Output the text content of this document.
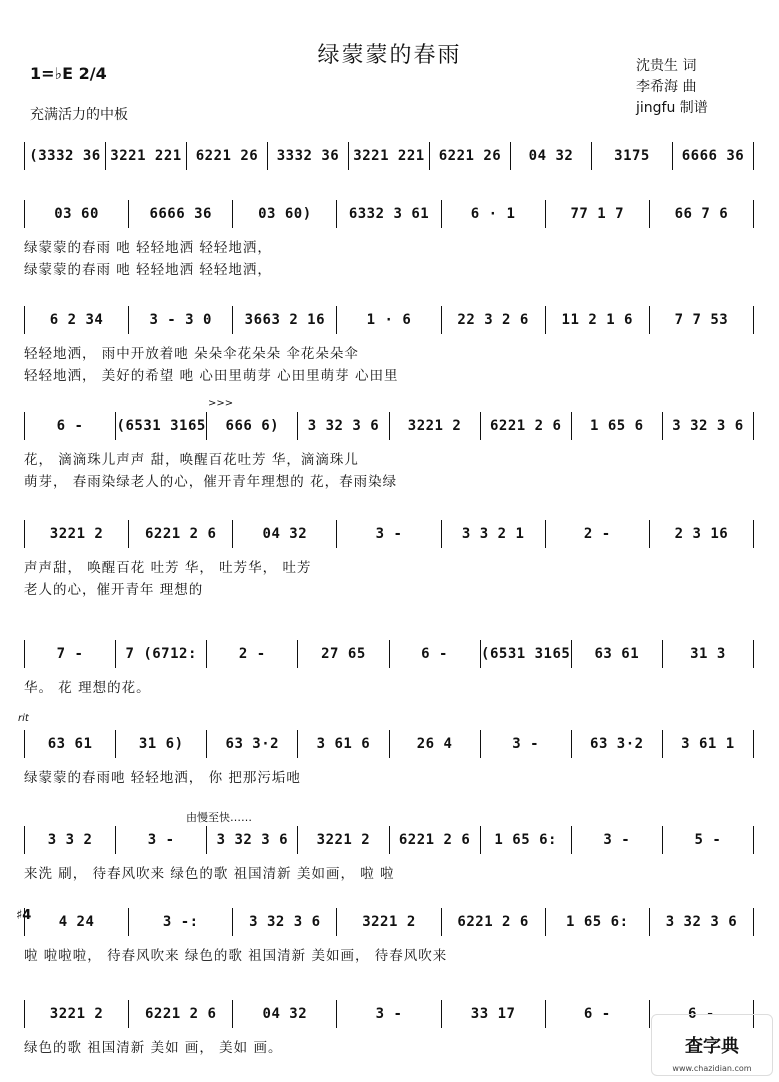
绿蒙蒙的春雨
1=♭E 2/4
充满活力的中板
沈贵生 词
李希海 曲
jingfu 制谱
>>>
rit
由慢至快……
♯4
(3332 36 3221 221	6221 26	3332 36	3221 221	6221 26	04 32	3175	6666 36
03 60	6666 36	03 60)	6332 3 61	6 · 1	77 1 7	66 7 6
绿蒙蒙的春雨 吔 轻轻地洒 轻轻地洒，
绿蒙蒙的春雨 吔 轻轻地洒 轻轻地洒，
6 2 34	3 - 3 0	3663 2 16	1 · 6	22 3 2 6	11 2 1 6	7 7 53
轻轻地洒， 雨中开放着吔 朵朵伞花朵朵 伞花朵朵伞
轻轻地洒， 美好的希望 吔 心田里萌芽 心田里萌芽 心田里
6 -	(6531 3165	666 6)	3 32 3 6	3221 2	6221 2 6	1 65 6	3 32 3 6
花， 滴滴珠儿声声 甜，唤醒百花吐芳 华，滴滴珠儿
萌芽， 春雨染绿老人的心，催开青年理想的 花，春雨染绿
3221 2	6221 2 6	04 32	3 -	3 3 2 1	2 -	2 3 16
声声甜， 唤醒百花 吐芳 华， 吐芳华， 吐芳
老人的心，催开青年 理想的
7 -	7 (6712:	2 -	27 65	6 -	(6531 3165	63 61	31 3
华。 花 理想的花。
63 61	31 6)	63 3·2	3 61 6	26 4	3 -	63 3·2	3 61 1
绿蒙蒙的春雨吔 轻轻地洒， 你 把那污垢吔
3 3 2	3 -	3 32 3 6	3221 2	6221 2 6	1 65 6:	3 -	5 -
来洗 刷， 待春风吹来 绿色的歌 祖国清新 美如画， 啦 啦
4 24	3 -:	3 32 3 6	3221 2	6221 2 6	1 65 6:	3 32 3 6
啦 啦啦啦， 待春风吹来 绿色的歌 祖国清新 美如画， 待春风吹来
3221 2	6221 2 6	04 32	3 -	33 17	6 -	6 -
绿色的歌 祖国清新 美如 画， 美如 画。	查字典
www.chazidian.com
